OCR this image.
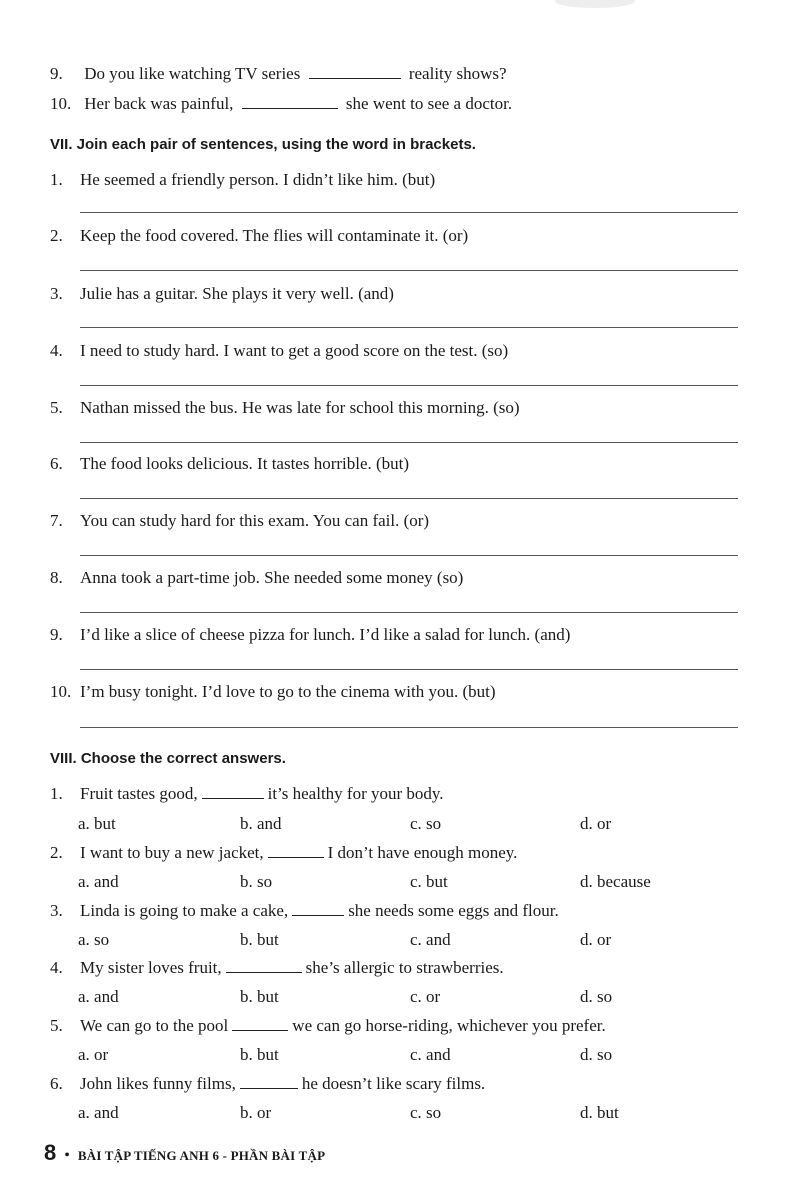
9. Do you like watching TV series	reality shows?
10. Her back was painful,	she went to see a doctor.
VII. Join each pair of sentences, using the word in brackets.
1. He seemed a friendly person. I didn’t like him. (but)
2. Keep the food covered. The flies will contaminate it. (or)
3. Julie has a guitar. She plays it very well. (and)
4. I need to study hard. I want to get a good score on the test. (so)
5. Nathan missed the bus. He was late for school this morning. (so)
6. The food looks delicious. It tastes horrible. (but)
7. You can study hard for this exam. You can fail. (or)
8. Anna took a part-time job. She needed some money (so)
9. I’d like a slice of cheese pizza for lunch. I’d like a salad for lunch. (and)
10. I’m busy tonight. I’d love to go to the cinema with you. (but)
VIII. Choose the correct answers.
1. Fruit tastes good,	it’s healthy for your body.
a. but	b. and	c. so	d. or
2. I want to buy a new jacket,	I don’t have enough money.
a. and	b. so	c. but	d. because
3. Linda is going to make a cake,	she needs some eggs and flour.
a. so	b. but	c. and	d. or
4. My sister loves fruit,	she’s allergic to strawberries.
a. and	b. but	c. or	d. so
5. We can go to the pool	we can go horse-riding, whichever you prefer.
a. or	b. but	c. and	d. so
6. John likes funny films,	he doesn’t like scary films.
a. and	b. or	c. so	d. but
8 • BÀI TẬP TIẾNG ANH 6 - PHẦN BÀI TẬP
